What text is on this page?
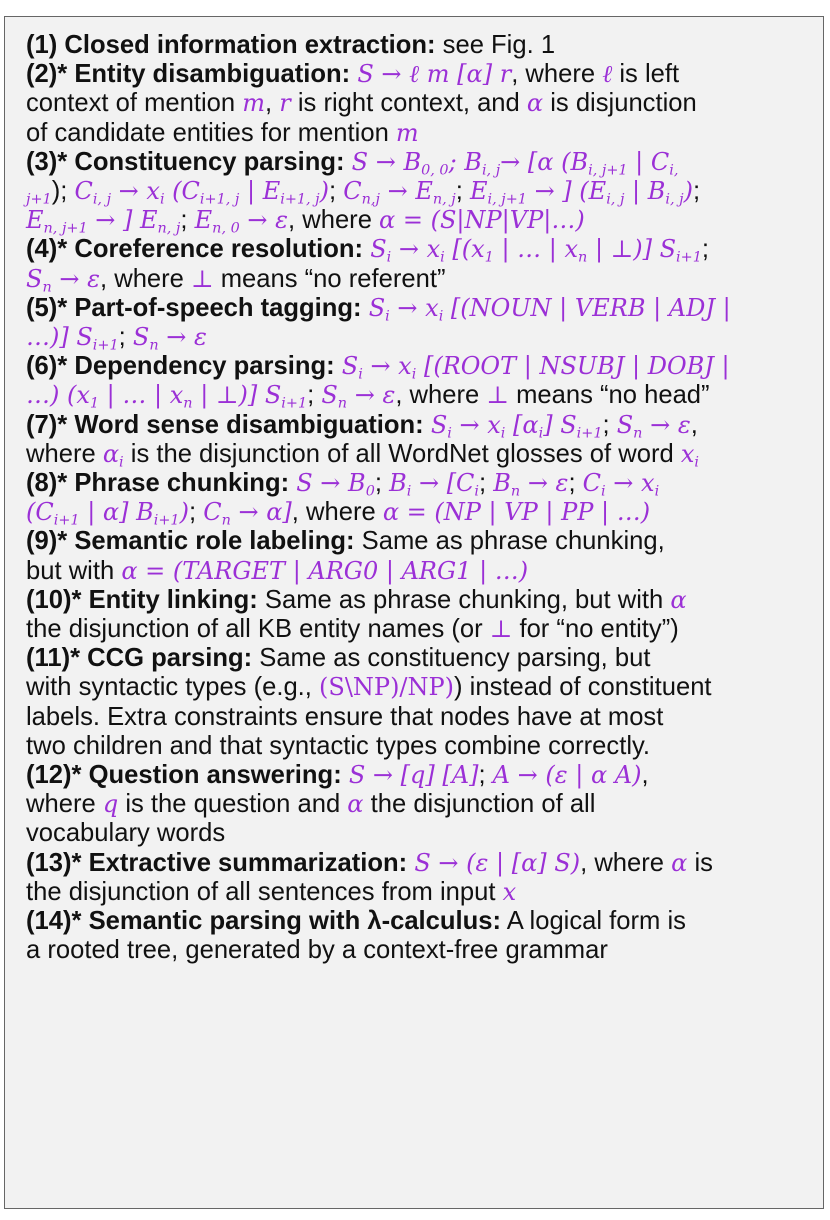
(1) Closed information extraction: see Fig. 1
(2)* Entity disambiguation: S → ℓ m [α] r, where ℓ is left
context of mention m, r is right context, and α is disjunction
of candidate entities for mention m
(3)* Constituency parsing: $S \to B_{0, 0}$; $B_{i, j}\to [\alpha$ ($B_{i, j+1}$ | $C_{i,}$
$_{j+1}$); $C_{i, j} \to x_i$ ($C_{i+1, j}$ | $E_{i+1, j}$); $C_{n,j} \to E_{n, j}$; $E_{i, j+1}$ → ] ($E_{i, j}$ | $B_{i, j}$);
$E_{n, j+1}$ → ] $E_{n, j}$; $E_{n, 0} \to \varepsilon$, where α = (S|NP|VP|…)
(4)* Coreference resolution: $S_i \to x_i$ [($x_1$ | … | $x_n$ | ⊥)] $S_{i+1}$;
$S_n \to \varepsilon$, where ⊥ means “no referent”
(5)* Part-of-speech tagging: $S_i \to x_i$ [(NOUN | VERB | ADJ |
…)] $S_{i+1}$; $S_n \to \varepsilon$
(6)* Dependency parsing: $S_i \to x_i$ [(ROOT | NSUBJ | DOBJ |
…) ($x_1$ | … | $x_n$ | ⊥)] $S_{i+1}$; $S_n \to \varepsilon$, where ⊥ means “no head”
(7)* Word sense disambiguation: $S_i \to x_i$ $[\alpha_i]$ $S_{i+1}$; $S_n \to \varepsilon$,
where $\alpha_i$ is the disjunction of all WordNet glosses of word $x_i$
(8)* Phrase chunking: $S \to B_0$; $B_i \to [C_i$; $B_n \to \varepsilon$; $C_i \to x_i$
($C_{i+1}$ | α] $B_{i+1}$); $C_n \to \alpha$], where α = (NP | VP | PP | …)
(9)* Semantic role labeling: Same as phrase chunking,
but with α = (TARGET | ARG0 | ARG1 | …)
(10)* Entity linking: Same as phrase chunking, but with α
the disjunction of all KB entity names (or ⊥ for “no entity”)
(11)* CCG parsing: Same as constituency parsing, but
with syntactic types (e.g., (S\NP)/NP)) instead of constituent
labels. Extra constraints ensure that nodes have at most
two children and that syntactic types combine correctly.
(12)* Question answering: S → [q] [A]; A → (ε | α A),
where q is the question and α the disjunction of all
vocabulary words
(13)* Extractive summarization: S → (ε | [α] S), where α is
the disjunction of all sentences from input x
(14)* Semantic parsing with λ-calculus: A logical form is
a rooted tree, generated by a context-free grammar
